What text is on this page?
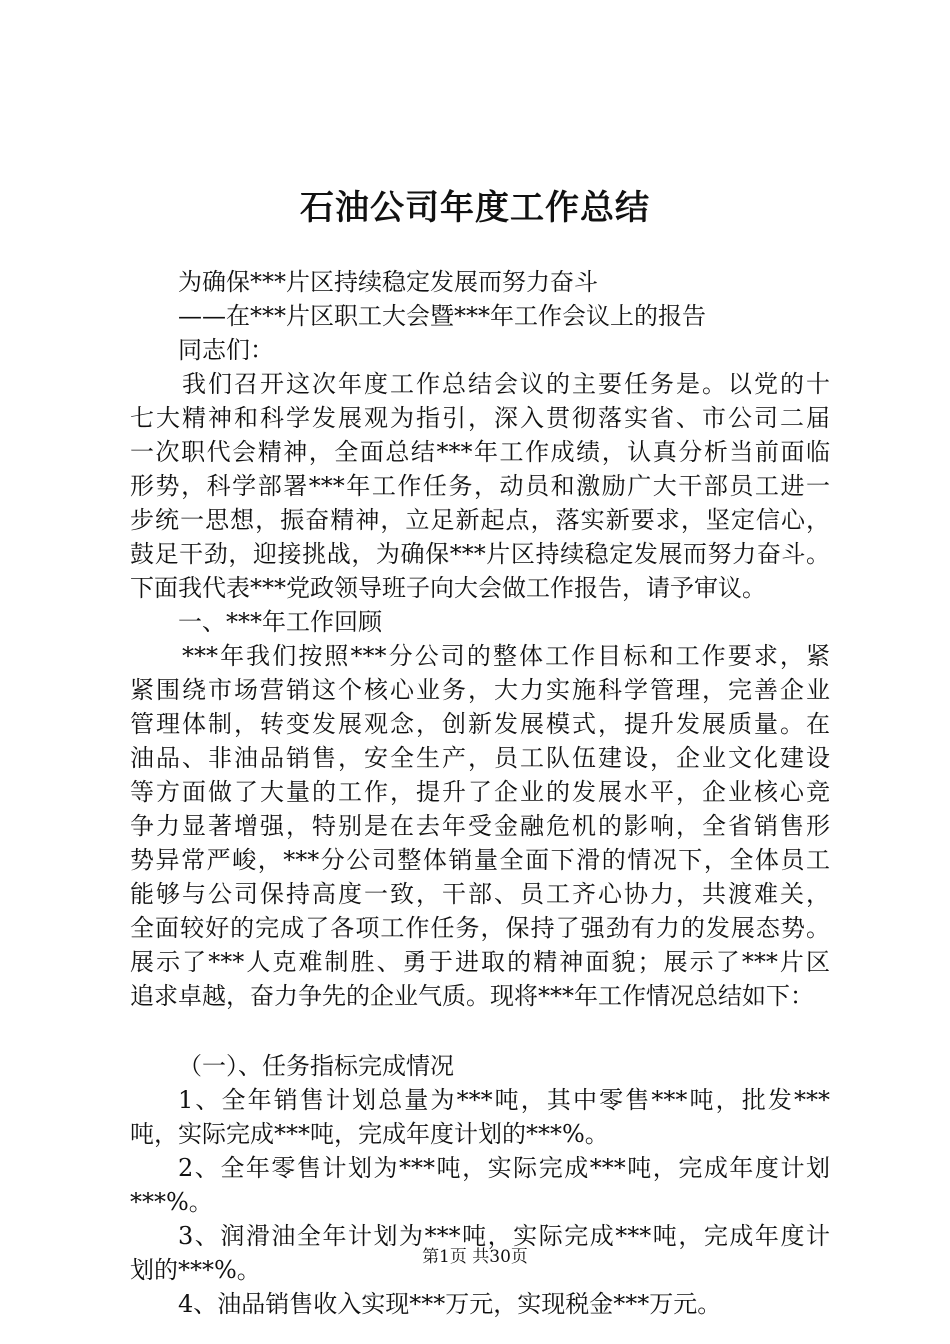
石油公司年度工作总结

为确保***片区持续稳定发展而努力奋斗

——在***片区职工大会暨***年工作会议上的报告

同志们：

我们召开这次年度工作总结会议的主要任务是。以党的十

七大精神和科学发展观为指引，深入贯彻落实省、市公司二届

一次职代会精神，全面总结***年工作成绩，认真分析当前面临

形势，科学部署***年工作任务，动员和激励广大干部员工进一

步统一思想，振奋精神，立足新起点，落实新要求，坚定信心，

鼓足干劲，迎接挑战，为确保***片区持续稳定发展而努力奋斗。

下面我代表***党政领导班子向大会做工作报告，请予审议。

一、***年工作回顾

***年我们按照***分公司的整体工作目标和工作要求，紧

紧围绕市场营销这个核心业务，大力实施科学管理，完善企业

管理体制，转变发展观念，创新发展模式，提升发展质量。在

油品、非油品销售，安全生产，员工队伍建设，企业文化建设

等方面做了大量的工作，提升了企业的发展水平，企业核心竞

争力显著增强，特别是在去年受金融危机的影响，全省销售形

势异常严峻，***分公司整体销量全面下滑的情况下，全体员工

能够与公司保持高度一致，干部、员工齐心协力，共渡难关，

全面较好的完成了各项工作任务，保持了强劲有力的发展态势。

展示了***人克难制胜、勇于进取的精神面貌；展示了***片区

追求卓越，奋力争先的企业气质。现将***年工作情况总结如下：

（一）、任务指标完成情况

1、全年销售计划总量为***吨，其中零售***吨，批发***

吨，实际完成***吨，完成年度计划的***%。

2、全年零售计划为***吨，实际完成***吨，完成年度计划

***%。

3、润滑油全年计划为***吨，实际完成***吨，完成年度计

划的***%。

4、油品销售收入实现***万元，实现税金***万元。

第1页 共30页
